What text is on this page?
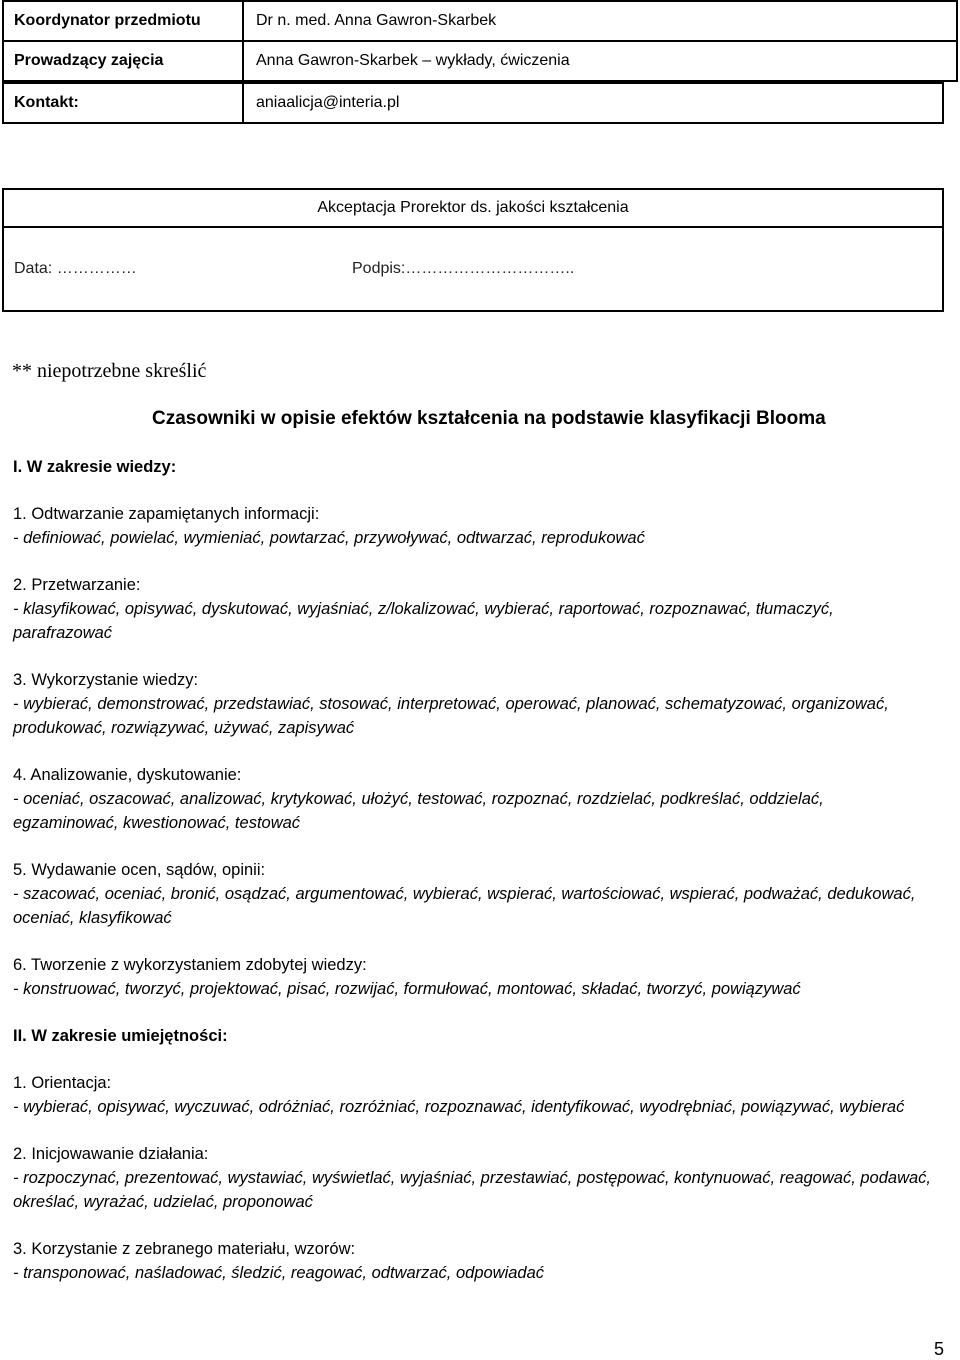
Koordynator przedmiotu	Dr n. med. Anna Gawron-Skarbek
Prowadzący zajęcia	Anna Gawron-Skarbek – wykłady, ćwiczenia
Kontakt:	aniaalicja@interia.pl
Akceptacja Prorektor ds. jakości kształcenia
Data: ……………	Podpis:…………………………..
** niepotrzebne skreślić
Czasowniki w opisie efektów kształcenia na podstawie klasyfikacji Blooma
I. W zakresie wiedzy:
1. Odtwarzanie zapamiętanych informacji:
- definiować, powielać, wymieniać, powtarzać, przywoływać, odtwarzać, reprodukować
2. Przetwarzanie:
- klasyfikować, opisywać, dyskutować, wyjaśniać, z/lokalizować, wybierać, raportować, rozpoznawać, tłumaczyć, parafrazować
3. Wykorzystanie wiedzy:
- wybierać, demonstrować, przedstawiać, stosować, interpretować, operować, planować, schematyzować, organizować, produkować, rozwiązywać, używać, zapisywać
4. Analizowanie, dyskutowanie:
- oceniać, oszacować, analizować, krytykować, ułożyć, testować, rozpoznać, rozdzielać, podkreślać, oddzielać, egzaminować, kwestionować, testować
5. Wydawanie ocen, sądów, opinii:
- szacować, oceniać, bronić, osądzać, argumentować, wybierać, wspierać, wartościować, wspierać, podważać, dedukować, oceniać, klasyfikować
6. Tworzenie z wykorzystaniem zdobytej wiedzy:
- konstruować, tworzyć, projektować, pisać, rozwijać, formułować, montować, składać, tworzyć, powiązywać
II. W zakresie umiejętności:
1. Orientacja:
- wybierać, opisywać, wyczuwać, odróżniać, rozróżniać, rozpoznawać, identyfikować, wyodrębniać, powiązywać, wybierać
2. Inicjowawanie działania:
- rozpoczynać, prezentować, wystawiać, wyświetlać, wyjaśniać, przestawiać, postępować, kontynuować, reagować, podawać, określać, wyrażać, udzielać, proponować
3. Korzystanie z zebranego materiału, wzorów:
- transponować, naśladować, śledzić, reagować, odtwarzać, odpowiadać
5
